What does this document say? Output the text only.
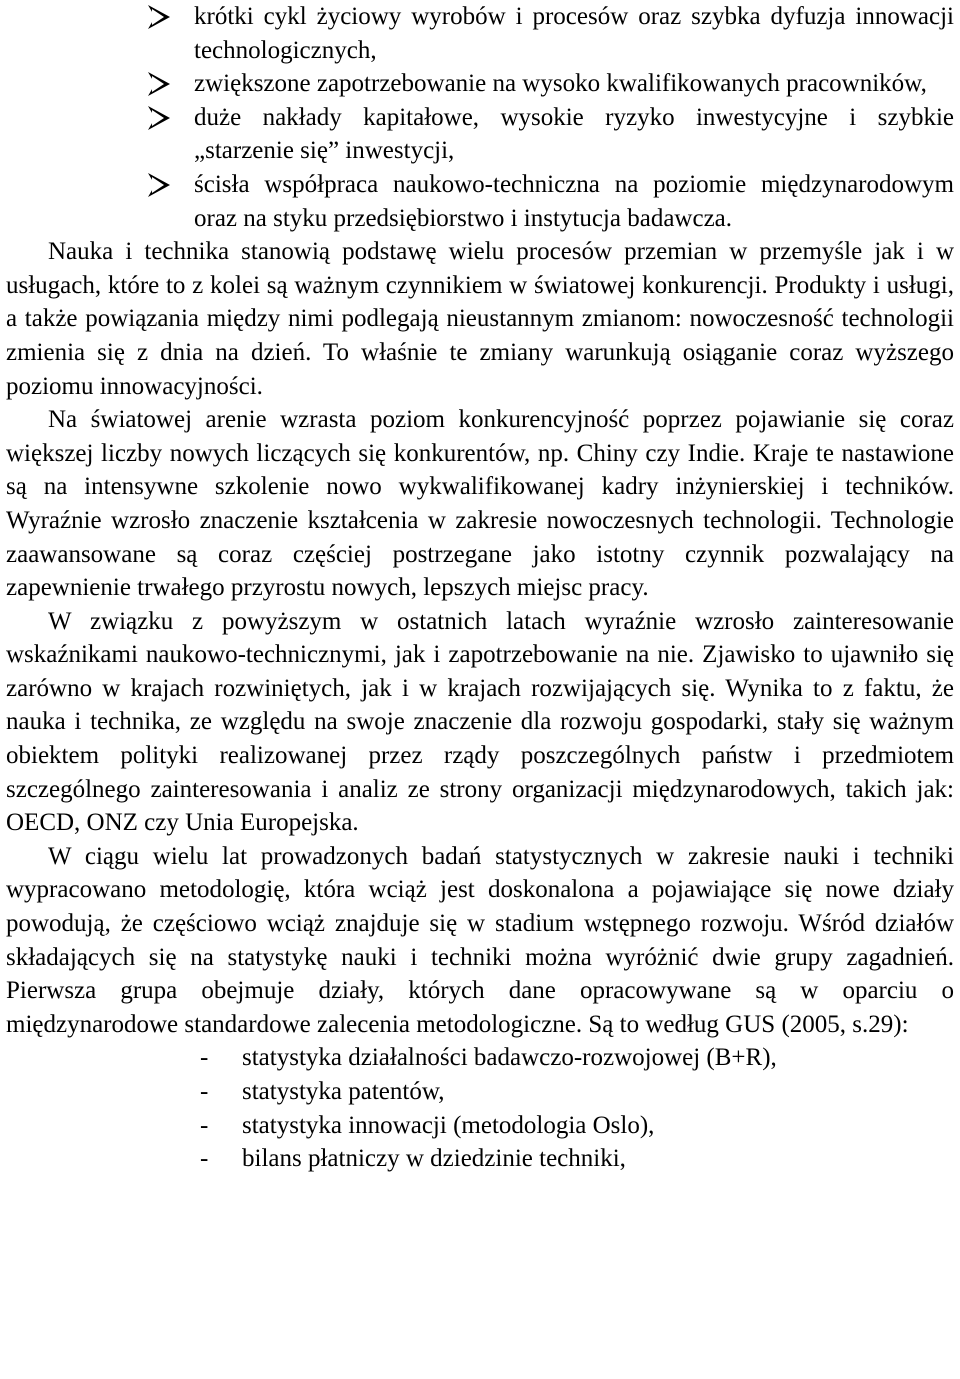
krótki cykl życiowy wyrobów i procesów oraz szybka dyfuzja innowacji technologicznych,
zwiększone zapotrzebowanie na wysoko kwalifikowanych pracowników,
duże nakłady kapitałowe, wysokie ryzyko inwestycyjne i szybkie „starzenie się” inwestycji,
ścisła współpraca naukowo-techniczna na poziomie międzynarodowym oraz na styku przedsiębiorstwo i instytucja badawcza.

Nauka i technika stanowią podstawę wielu procesów przemian w przemyśle jak i w usługach, które to z kolei są ważnym czynnikiem w światowej konkurencji. Produkty i usługi, a także powiązania między nimi podlegają nieustannym zmianom: nowoczesność technologii zmienia się z dnia na dzień. To właśnie te zmiany warunkują osiąganie coraz wyższego poziomu innowacyjności.

Na światowej arenie wzrasta poziom konkurencyjność poprzez pojawianie się coraz większej liczby nowych liczących się konkurentów, np. Chiny czy Indie. Kraje te nastawione są na intensywne szkolenie nowo wykwalifikowanej kadry inżynierskiej i techników. Wyraźnie wzrosło znaczenie kształcenia w zakresie nowoczesnych technologii. Technologie zaawansowane są coraz częściej postrzegane jako istotny czynnik pozwalający na zapewnienie trwałego przyrostu nowych, lepszych miejsc pracy.

W związku z powyższym w ostatnich latach wyraźnie wzrosło zainteresowanie wskaźnikami naukowo-technicznymi, jak i zapotrzebowanie na nie. Zjawisko to ujawniło się zarówno w krajach rozwiniętych, jak i w krajach rozwijających się. Wynika to z faktu, że nauka i technika, ze względu na swoje znaczenie dla rozwoju gospodarki, stały się ważnym obiektem polityki realizowanej przez rządy poszczególnych państw i przedmiotem szczególnego zainteresowania i analiz ze strony organizacji międzynarodowych, takich jak: OECD, ONZ czy Unia Europejska.

W ciągu wielu lat prowadzonych badań statystycznych w zakresie nauki i techniki wypracowano metodologię, która wciąż jest doskonalona a pojawiające się nowe działy powodują, że częściowo wciąż znajduje się w stadium wstępnego rozwoju. Wśród działów składających się na statystykę nauki i techniki można wyróżnić dwie grupy zagadnień. Pierwsza grupa obejmuje działy, których dane opracowywane są w oparciu o międzynarodowe standardowe zalecenia metodologiczne. Są to według GUS (2005, s.29):

- statystyka działalności badawczo-rozwojowej (B+R),
- statystyka patentów,
- statystyka innowacji (metodologia Oslo),
- bilans płatniczy w dziedzinie techniki,
